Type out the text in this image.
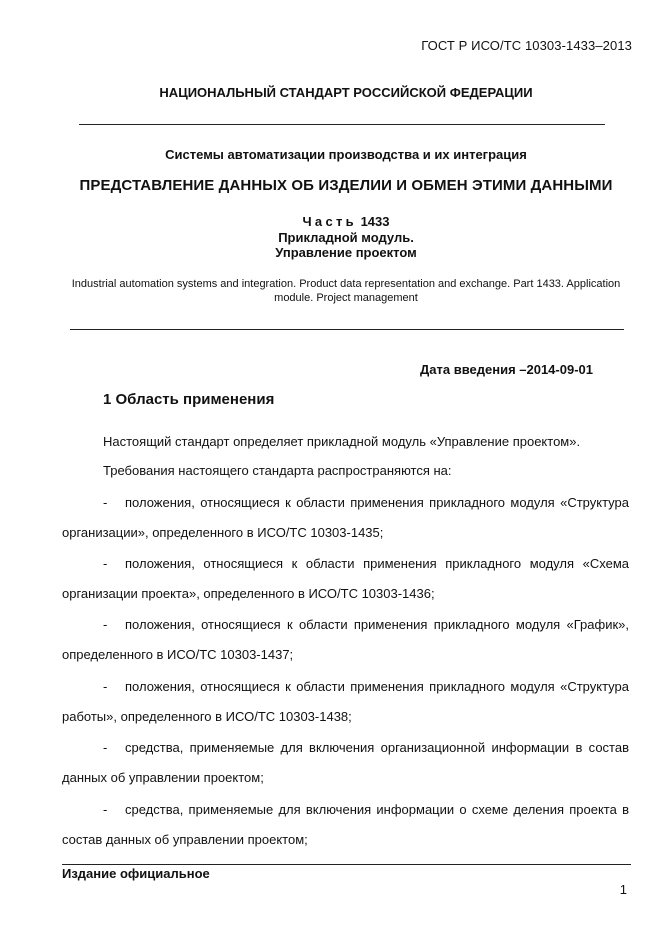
ГОСТ Р ИСО/ТС 10303-1433–2013
НАЦИОНАЛЬНЫЙ СТАНДАРТ РОССИЙСКОЙ ФЕДЕРАЦИИ
Системы автоматизации производства и их интеграция
ПРЕДСТАВЛЕНИЕ ДАННЫХ ОБ ИЗДЕЛИИ И ОБМЕН ЭТИМИ ДАННЫМИ
Часть 1433
Прикладной модуль.
Управление проектом
Industrial automation systems and integration. Product data representation and exchange. Part 1433. Application module. Project management
Дата введения –2014-09-01
1 Область применения
Настоящий стандарт определяет прикладной модуль «Управление проектом».
Требования настоящего стандарта распространяются на:
- положения, относящиеся к области применения прикладного модуля «Структура организации», определенного в ИСО/ТС 10303-1435;
- положения, относящиеся к области применения прикладного модуля «Схема организации проекта», определенного в ИСО/ТС 10303-1436;
- положения, относящиеся к области применения прикладного модуля «График», определенного в ИСО/ТС 10303-1437;
- положения, относящиеся к области применения прикладного модуля «Структура работы», определенного в ИСО/ТС 10303-1438;
- средства, применяемые для включения организационной информации в состав данных об управлении проектом;
- средства, применяемые для включения информации о схеме деления проекта в состав данных об управлении проектом;
Издание официальное
1
